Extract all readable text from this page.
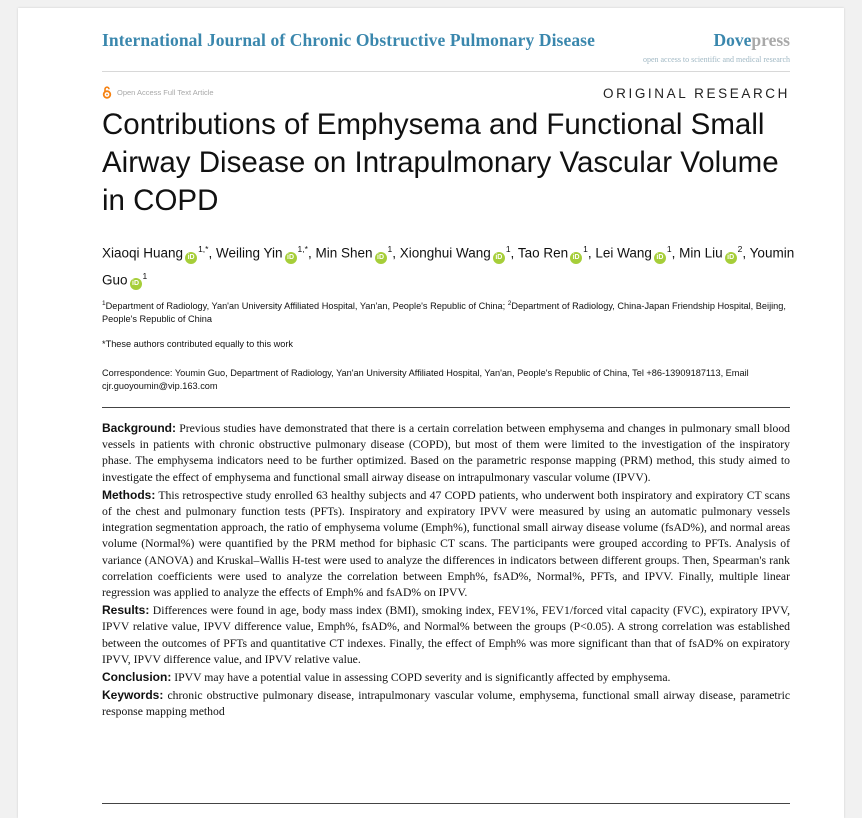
International Journal of Chronic Obstructive Pulmonary Disease	Dovepress
open access to scientific and medical research
Open Access Full Text Article	ORIGINAL RESEARCH
Contributions of Emphysema and Functional Small Airway Disease on Intrapulmonary Vascular Volume in COPD
Xiaoqi Huang $iD^{1,*}$, Weiling Yin $iD^{1,*}$, Min Shen $iD^1$, Xionghui Wang $iD^1$, Tao Ren $iD^1$, Lei Wang $iD^1$, Min Liu $iD^2$, Youmin Guo $iD^1$
$^1$Department of Radiology, Yan'an University Affiliated Hospital, Yan'an, People's Republic of China; $^2$Department of Radiology, China-Japan Friendship Hospital, Beijing, People's Republic of China
*These authors contributed equally to this work
Correspondence: Youmin Guo, Department of Radiology, Yan'an University Affiliated Hospital, Yan'an, People's Republic of China, Tel +86-13909187113, Email cjr.guoyoumin@vip.163.com

Background: Previous studies have demonstrated that there is a certain correlation between emphysema and changes in pulmonary small blood vessels in patients with chronic obstructive pulmonary disease (COPD), but most of them were limited to the investigation of the inspiratory phase. The emphysema indicators need to be further optimized. Based on the parametric response mapping (PRM) method, this study aimed to investigate the effect of emphysema and functional small airway disease on intrapulmonary vascular volume (IPVV).

Methods: This retrospective study enrolled 63 healthy subjects and 47 COPD patients, who underwent both inspiratory and expiratory CT scans of the chest and pulmonary function tests (PFTs). Inspiratory and expiratory IPVV were measured by using an automatic pulmonary vessels integration segmentation approach, the ratio of emphysema volume (Emph%), functional small airway disease volume (fsAD%), and normal areas volume (Normal%) were quantified by the PRM method for biphasic CT scans. The participants were grouped according to PFTs. Analysis of variance (ANOVA) and Kruskal–Wallis H-test were used to analyze the differences in indicators between different groups. Then, Spearman's rank correlation coefficients were used to analyze the correlation between Emph%, fsAD%, Normal%, PFTs, and IPVV. Finally, multiple linear regression was applied to analyze the effects of Emph% and fsAD% on IPVV.

Results: Differences were found in age, body mass index (BMI), smoking index, FEV1%, FEV1/forced vital capacity (FVC), expiratory IPVV, IPVV relative value, IPVV difference value, Emph%, fsAD%, and Normal% between the groups (P<0.05). A strong correlation was established between the outcomes of PFTs and quantitative CT indexes. Finally, the effect of Emph% was more significant than that of fsAD% on expiratory IPVV, IPVV difference value, and IPVV relative value.

Conclusion: IPVV may have a potential value in assessing COPD severity and is significantly affected by emphysema.

Keywords: chronic obstructive pulmonary disease, intrapulmonary vascular volume, emphysema, functional small airway disease, parametric response mapping method
